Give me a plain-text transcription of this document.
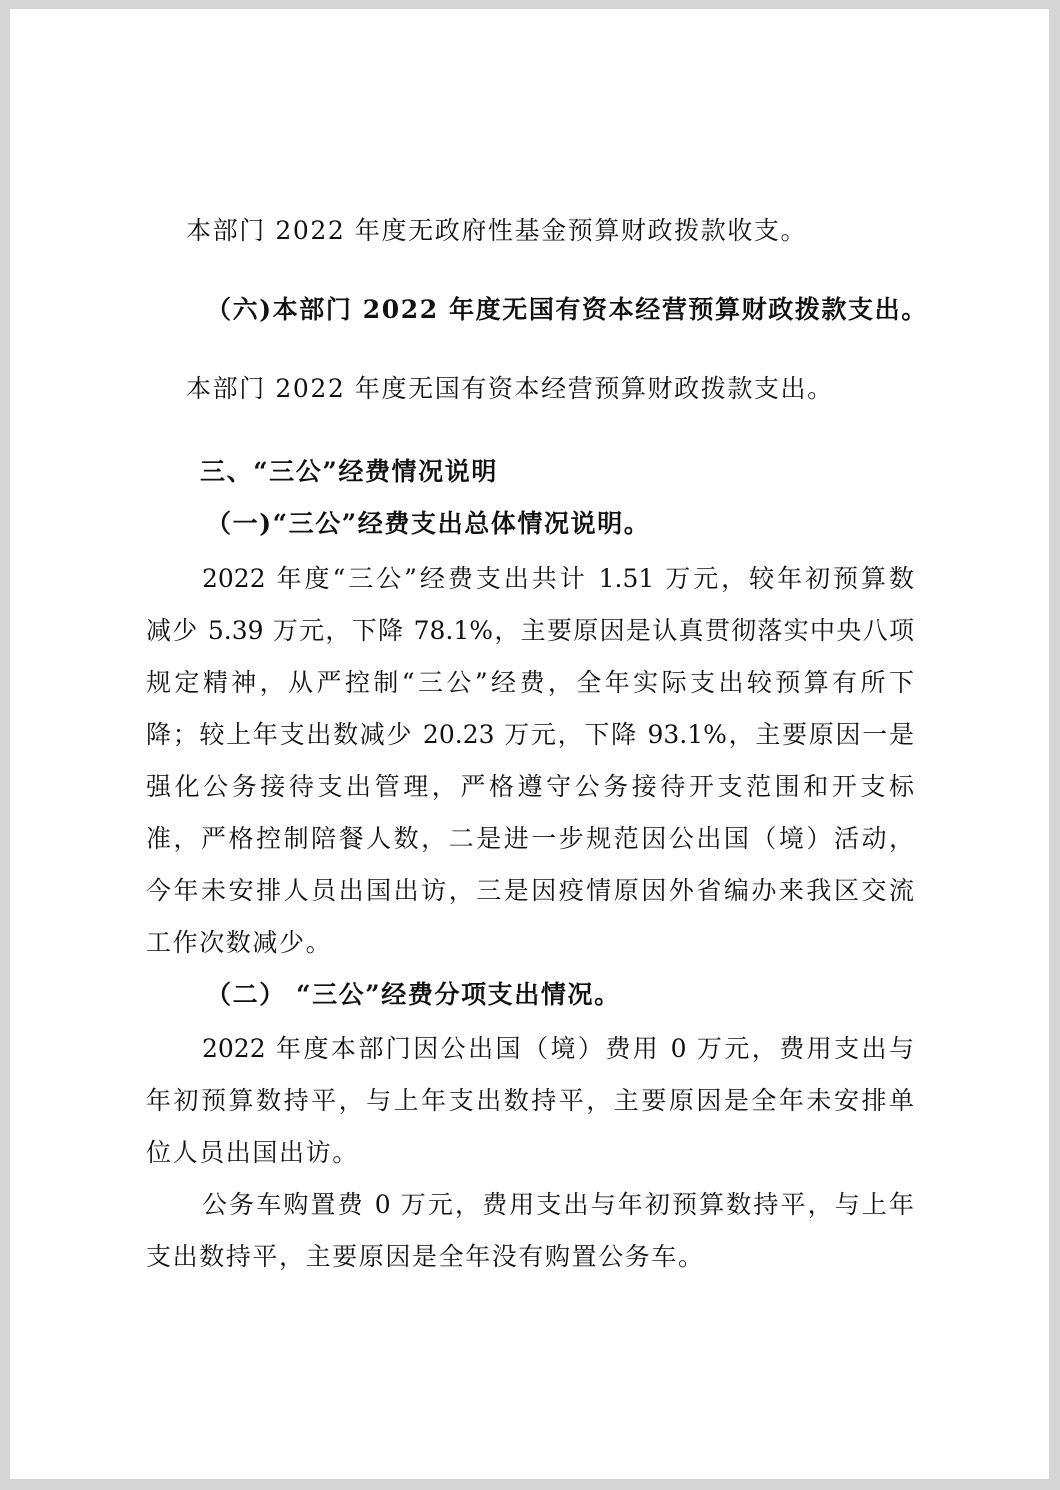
本部门 2022 年度无政府性基金预算财政拨款收支。
（六)本部门 2022 年度无国有资本经营预算财政拨款支出。
本部门 2022 年度无国有资本经营预算财政拨款支出。
三、“三公”经费情况说明
（一)“三公”经费支出总体情况说明。
2022 年度“三公”经费支出共计 1.51 万元，较年初预算数
减少 5.39 万元，下降 78.1%，主要原因是认真贯彻落实中央八项
规定精神，从严控制“三公”经费，全年实际支出较预算有所下
降；较上年支出数减少 20.23 万元，下降 93.1%，主要原因一是
强化公务接待支出管理，严格遵守公务接待开支范围和开支标
准，严格控制陪餐人数，二是进一步规范因公出国（境）活动，
今年未安排人员出国出访，三是因疫情原因外省编办来我区交流
工作次数减少。
（二） “三公”经费分项支出情况。
2022 年度本部门因公出国（境）费用 0 万元，费用支出与
年初预算数持平，与上年支出数持平，主要原因是全年未安排单
位人员出国出访。
公务车购置费 0 万元，费用支出与年初预算数持平，与上年
支出数持平，主要原因是全年没有购置公务车。
